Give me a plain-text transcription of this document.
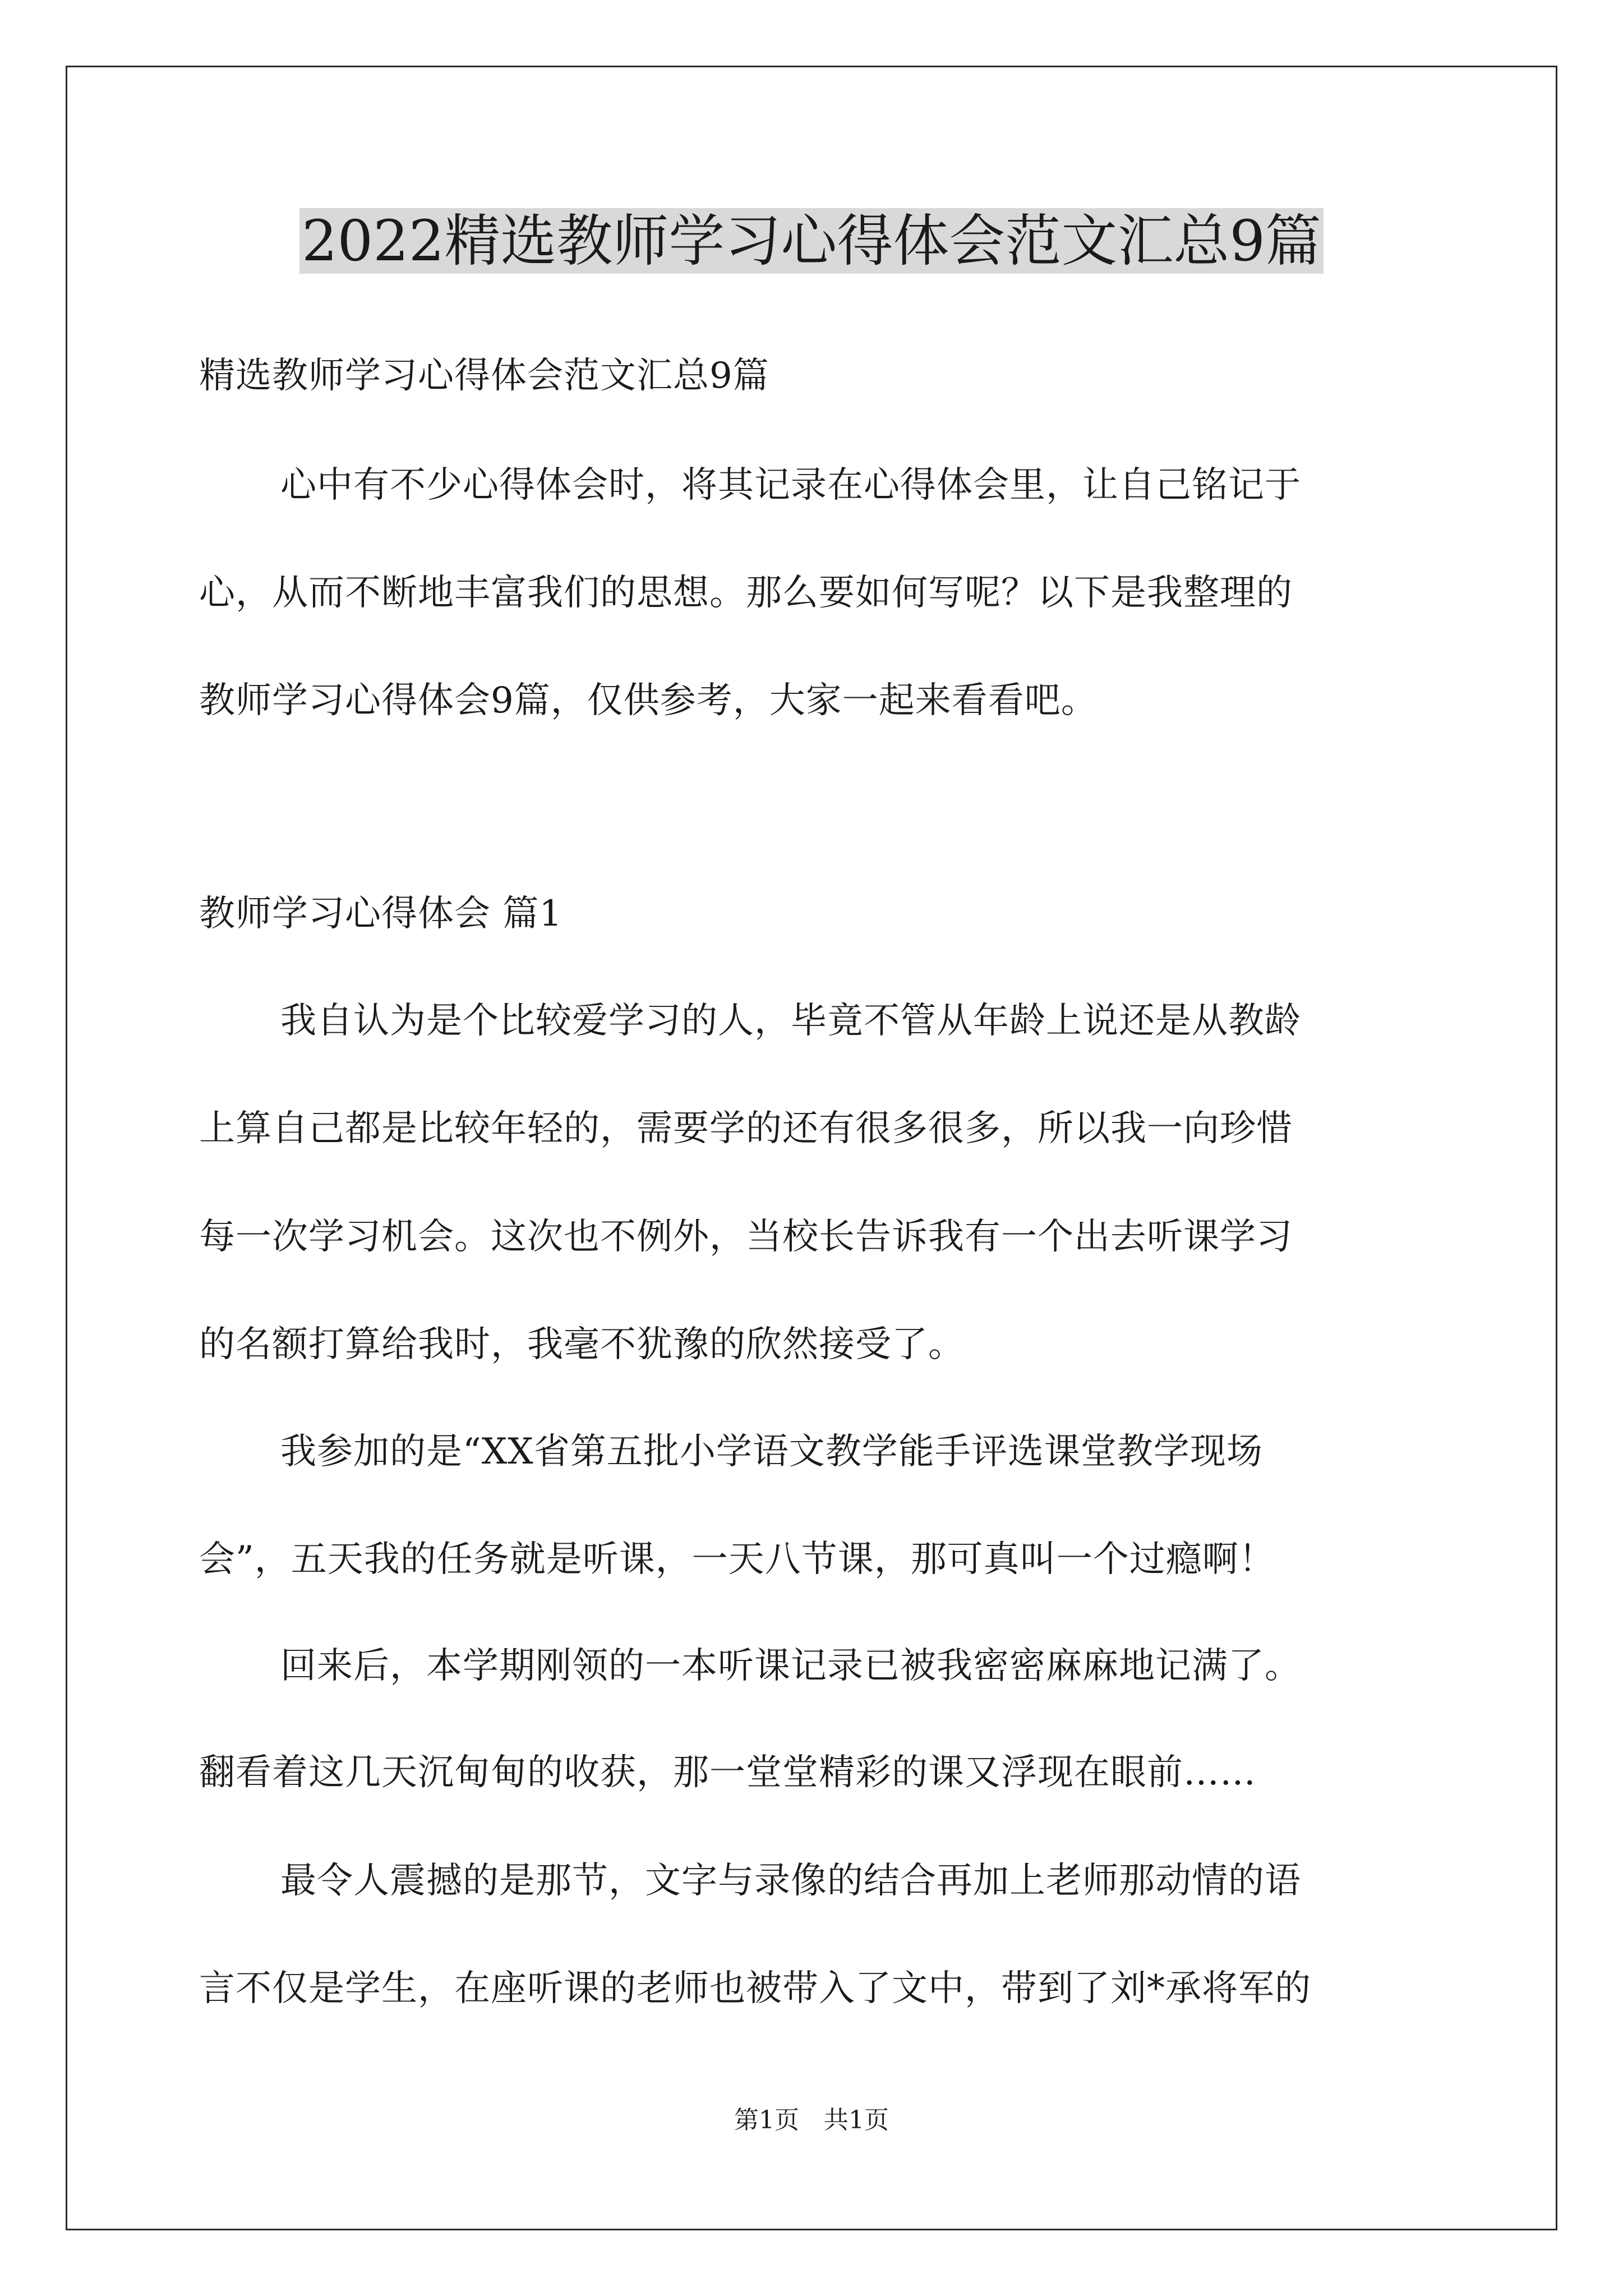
2022精选教师学习心得体会范文汇总9篇
精选教师学习心得体会范文汇总9篇
心中有不少心得体会时，将其记录在心得体会里，让自己铭记于
心，从而不断地丰富我们的思想。那么要如何写呢？以下是我整理的
教师学习心得体会9篇，仅供参考，大家一起来看看吧。
教师学习心得体会 篇1
我自认为是个比较爱学习的人，毕竟不管从年龄上说还是从教龄
上算自己都是比较年轻的，需要学的还有很多很多，所以我一向珍惜
每一次学习机会。这次也不例外，当校长告诉我有一个出去听课学习
的名额打算给我时，我毫不犹豫的欣然接受了。
我参加的是“XX省第五批小学语文教学能手评选课堂教学现场
会”，五天我的任务就是听课，一天八节课，那可真叫一个过瘾啊！
回来后，本学期刚领的一本听课记录已被我密密麻麻地记满了。
翻看着这几天沉甸甸的收获，那一堂堂精彩的课又浮现在眼前……
最令人震撼的是那节，文字与录像的结合再加上老师那动情的语
言不仅是学生，在座听课的老师也被带入了文中，带到了刘*承将军的
第1页　共1页
